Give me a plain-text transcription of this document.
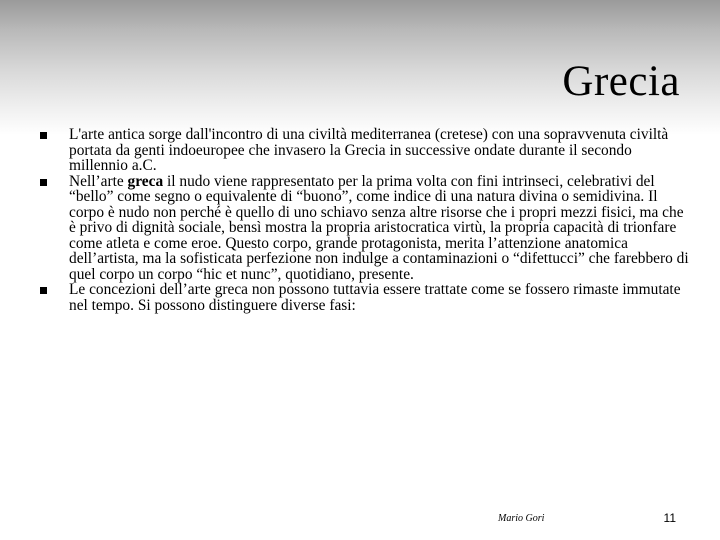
Grecia
L'arte antica sorge dall'incontro di una civiltà mediterranea (cretese) con una sopravvenuta civiltà portata da genti indoeuropee che invasero la Grecia in successive ondate durante il secondo millennio a.C.
Nell’arte greca il nudo viene rappresentato per la prima volta con fini intrinseci, celebrativi del “bello” come segno o equivalente di “buono”, come indice di una natura divina o semidivina. Il corpo è nudo non perché è quello di uno schiavo senza altre risorse che i propri mezzi fisici, ma che è privo di dignità sociale, bensì mostra la propria aristocratica virtù, la propria capacità di trionfare come atleta e come eroe. Questo corpo, grande protagonista, merita l’attenzione anatomica dell’artista, ma la sofisticata perfezione non indulge a contaminazioni o “difettucci” che farebbero di quel corpo un corpo “hic et nunc”, quotidiano, presente.
Le concezioni dell’arte greca non possono tuttavia essere trattate come se fossero rimaste immutate nel tempo. Si possono distinguere diverse fasi:
Mario Gori	11
